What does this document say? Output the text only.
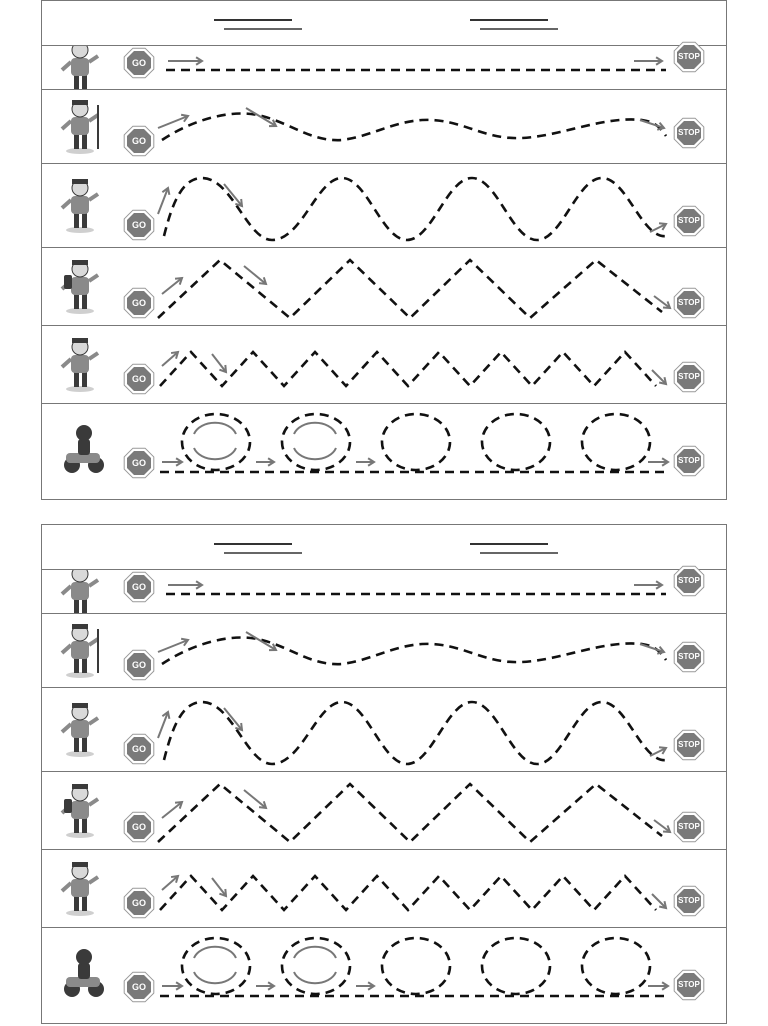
GO
STOP
GO
STOP
GO	STOP
GO	STOP
GO	STOP
GO	STOP
GO
STOP
GO
STOP
GO	STOP
GO	STOP
GO	STOP
GO	STOP
